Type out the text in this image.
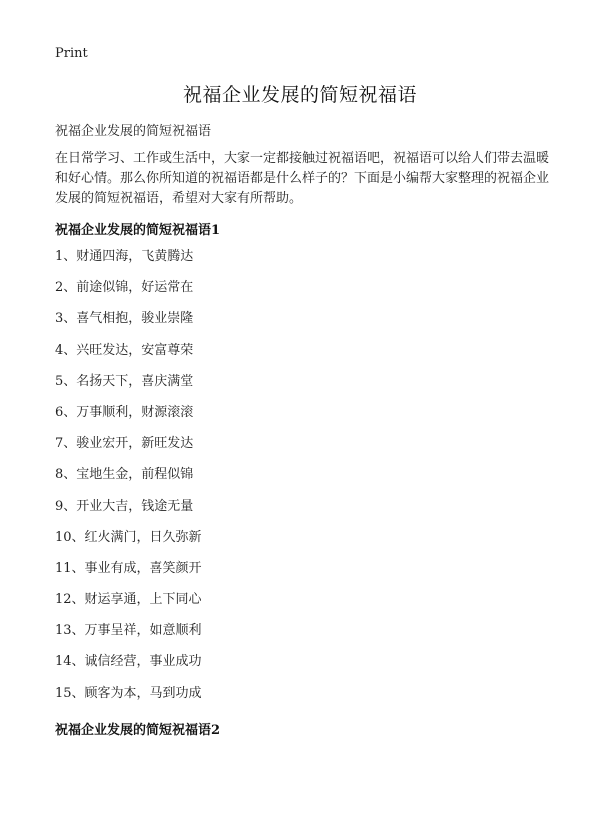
Print
祝福企业发展的简短祝福语

祝福企业发展的简短祝福语

在日常学习、工作或生活中，大家一定都接触过祝福语吧，祝福语可以给人们带去温暖和好心情。那么你所知道的祝福语都是什么样子的？下面是小编帮大家整理的祝福企业发展的简短祝福语，希望对大家有所帮助。

祝福企业发展的简短祝福语1
1、财通四海，飞黄腾达
2、前途似锦，好运常在
3、喜气相抱，骏业崇隆
4、兴旺发达，安富尊荣
5、名扬天下，喜庆满堂
6、万事顺利，财源滚滚
7、骏业宏开，新旺发达
8、宝地生金，前程似锦
9、开业大吉，钱途无量
10、红火满门，日久弥新
11、事业有成，喜笑颜开
12、财运享通，上下同心
13、万事呈祥，如意顺利
14、诚信经营，事业成功
15、顾客为本，马到功成
祝福企业发展的简短祝福语2
